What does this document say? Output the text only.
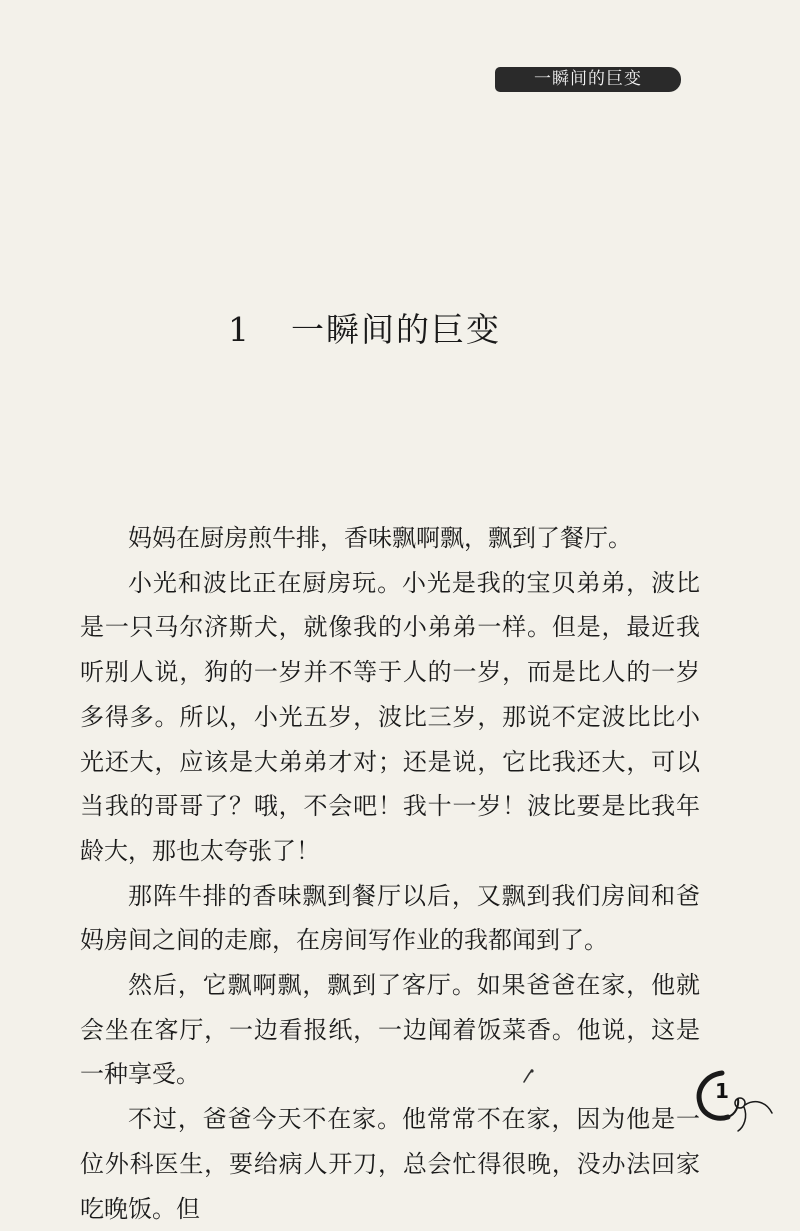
一瞬间的巨变
1 一瞬间的巨变

妈妈在厨房煎牛排，香味飘啊飘，飘到了餐厅。

小光和波比正在厨房玩。小光是我的宝贝弟弟，波比是一只马尔济斯犬，就像我的小弟弟一样。但是，最近我听别人说，狗的一岁并不等于人的一岁，而是比人的一岁多得多。所以，小光五岁，波比三岁，那说不定波比比小光还大，应该是大弟弟才对；还是说，它比我还大，可以当我的哥哥了？哦，不会吧！我十一岁！波比要是比我年龄大，那也太夸张了！

那阵牛排的香味飘到餐厅以后，又飘到我们房间和爸妈房间之间的走廊，在房间写作业的我都闻到了。

然后，它飘啊飘，飘到了客厅。如果爸爸在家，他就会坐在客厅，一边看报纸，一边闻着饭菜香。他说，这是一种享受。

不过，爸爸今天不在家。他常常不在家，因为他是一位外科医生，要给病人开刀，总会忙得很晚，没办法回家吃晚饭。但

1
